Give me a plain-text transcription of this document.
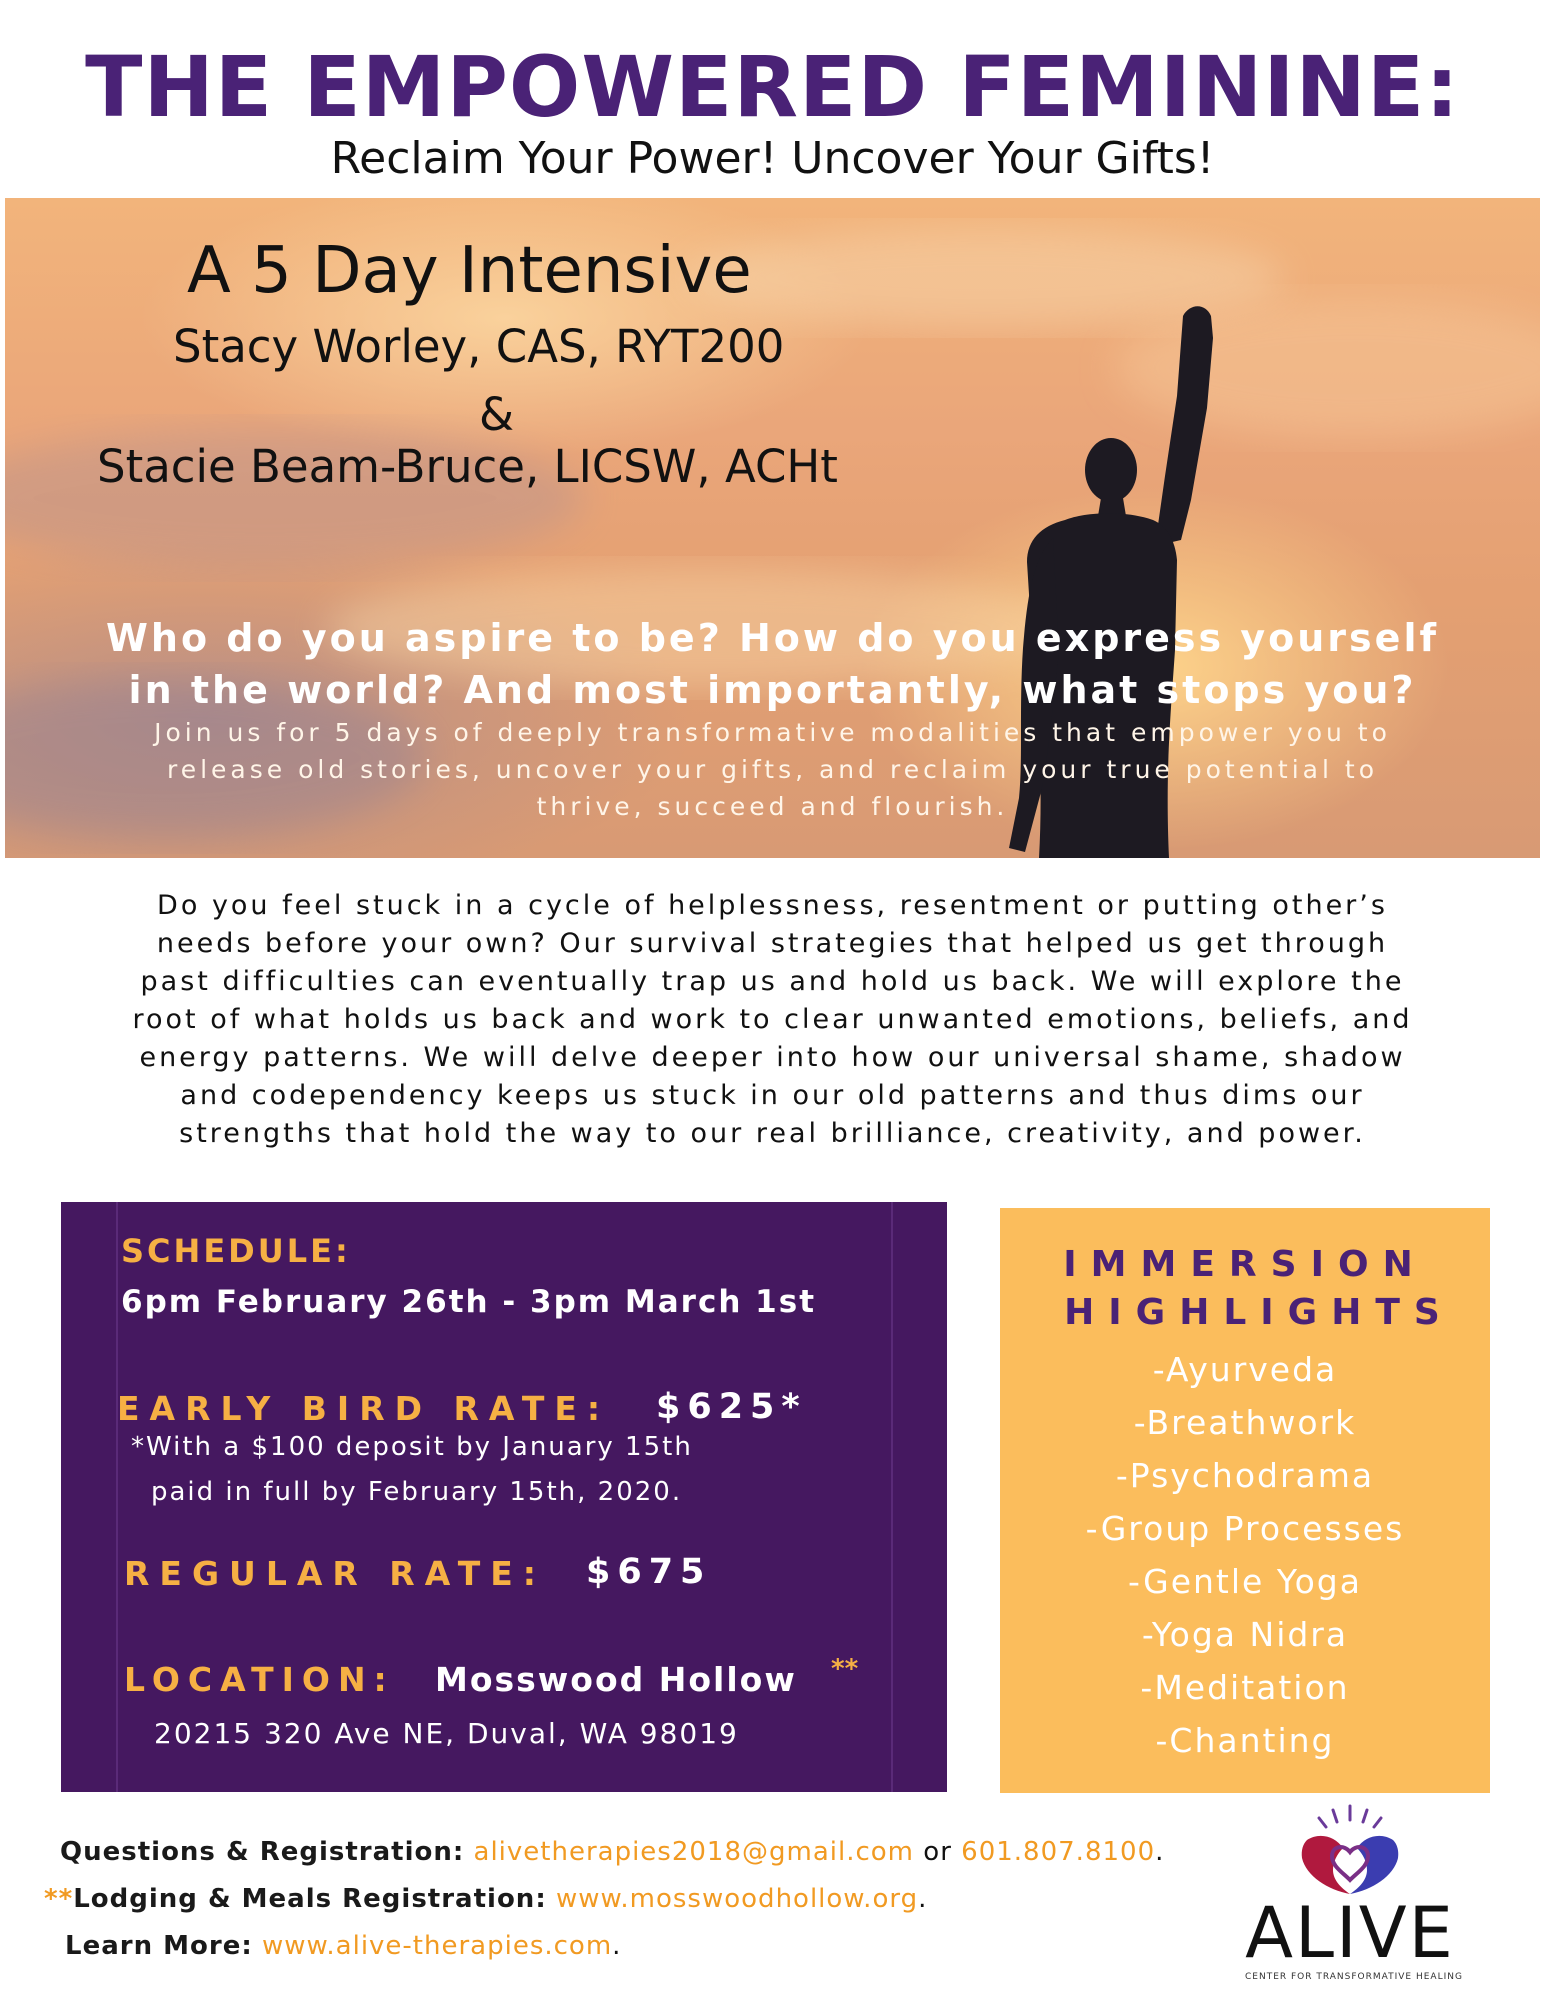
THE EMPOWERED FEMININE:
Reclaim Your Power! Uncover Your Gifts!
A 5 Day Intensive
Stacy Worley, CAS, RYT200
&
Stacie Beam-Bruce, LICSW, ACHt
Who do you aspire to be? How do you express yourself
in the world? And most importantly, what stops you?
Join us for 5 days of deeply transformative modalities that empower you to
release old stories, uncover your gifts, and reclaim your true potential to
thrive, succeed and flourish.
Do you feel stuck in a cycle of helplessness, resentment or putting other’s
needs before your own? Our survival strategies that helped us get through
past difficulties can eventually trap us and hold us back. We will explore the
root of what holds us back and work to clear unwanted emotions, beliefs, and
energy patterns. We will delve deeper into how our universal shame, shadow
and codependency keeps us stuck in our old patterns and thus dims our
strengths that hold the way to our real brilliance, creativity, and power.
SCHEDULE:
6pm February 26th - 3pm March 1st
EARLY BIRD RATE: $625*
*With a $100 deposit by January 15th
paid in full by February 15th, 2020.
REGULAR RATE: $675
LOCATION: Mosswood Hollow **
20215 320 Ave NE, Duval, WA 98019
IMMERSION
HIGHLIGHTS
-Ayurveda
-Breathwork
-Psychodrama
-Group Processes
-Gentle Yoga
-Yoga Nidra
-Meditation
-Chanting
Questions & Registration: alivetherapies2018@gmail.com or 601.807.8100.
**Lodging & Meals Registration: www.mosswoodhollow.org.
Learn More: www.alive-therapies.com.	ALIVE
CENTER FOR TRANSFORMATIVE HEALING
